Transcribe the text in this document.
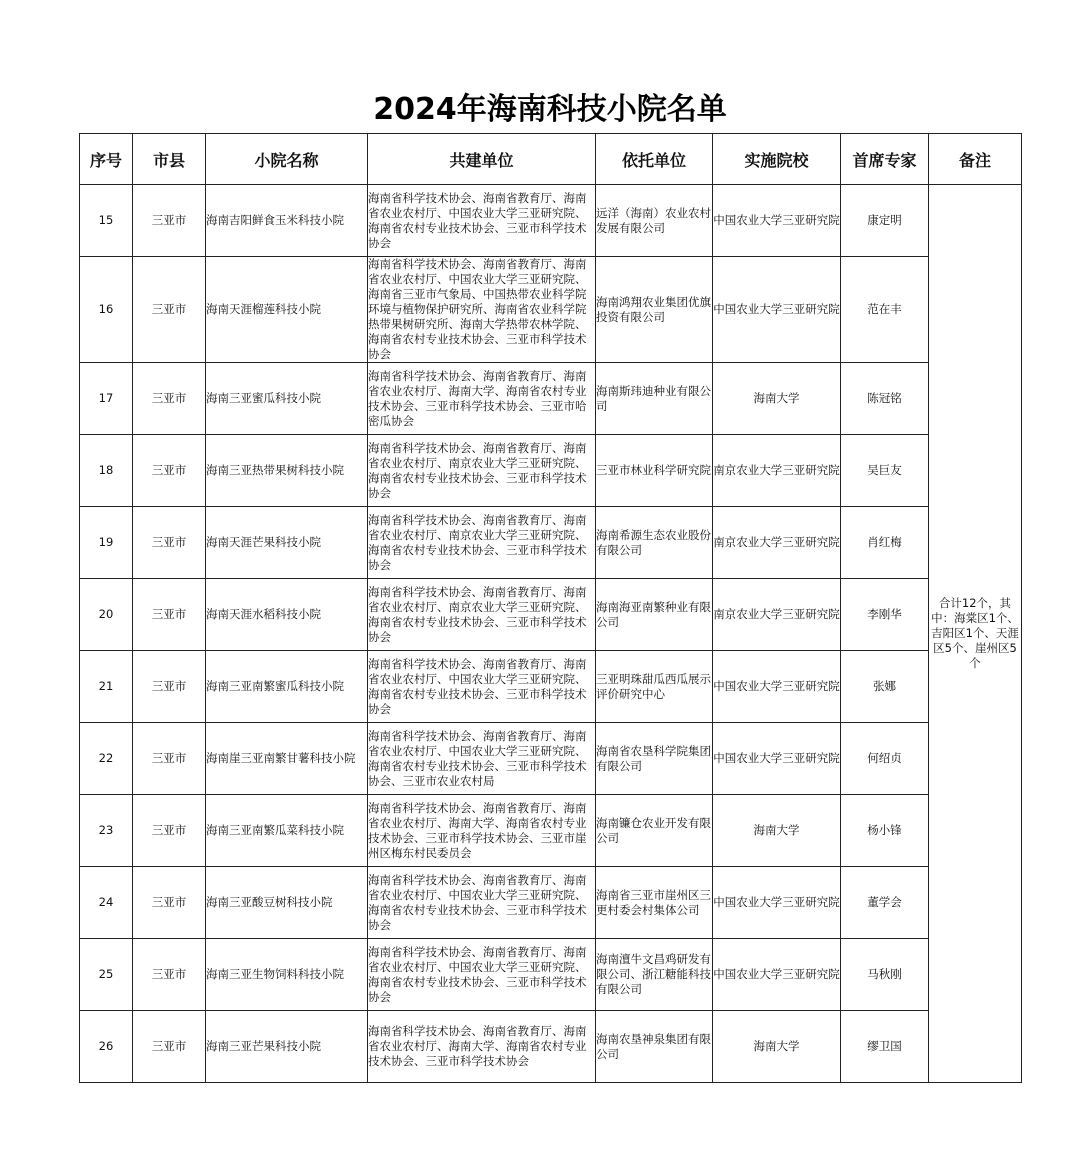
2024年海南科技小院名单
序号	市县	小院名称	共建单位	依托单位	实施院校	首席专家	备注
15	三亚市	海南吉阳鲜食玉米科技小院	海南省科学技术协会、海南省教育厅、海南省农业农村厅、中国农业大学三亚研究院、海南省农村专业技术协会、三亚市科学技术协会	远洋（海南）农业农村发展有限公司	中国农业大学三亚研究院	康定明	合计12个，其中：海棠区1个、吉阳区1个、天涯区5个、崖州区5个
16	三亚市	海南天涯榴莲科技小院	海南省科学技术协会、海南省教育厅、海南省农业农村厅、中国农业大学三亚研究院、海南省三亚市气象局、中国热带农业科学院环境与植物保护研究所、海南省农业科学院热带果树研究所、海南大学热带农林学院、海南省农村专业技术协会、三亚市科学技术协会	海南鸿翔农业集团优旗投资有限公司	中国农业大学三亚研究院	范在丰	
17	三亚市	海南三亚蜜瓜科技小院	海南省科学技术协会、海南省教育厅、海南省农业农村厅、海南大学、海南省农村专业技术协会、三亚市科学技术协会、三亚市哈密瓜协会	海南斯玮迪种业有限公司	海南大学	陈冠铭	
18	三亚市	海南三亚热带果树科技小院	海南省科学技术协会、海南省教育厅、海南省农业农村厅、南京农业大学三亚研究院、海南省农村专业技术协会、三亚市科学技术协会	三亚市林业科学研究院	南京农业大学三亚研究院	吴巨友	
19	三亚市	海南天涯芒果科技小院	海南省科学技术协会、海南省教育厅、海南省农业农村厅、南京农业大学三亚研究院、海南省农村专业技术协会、三亚市科学技术协会	海南希源生态农业股份有限公司	南京农业大学三亚研究院	肖红梅	
20	三亚市	海南天涯水稻科技小院	海南省科学技术协会、海南省教育厅、海南省农业农村厅、南京农业大学三亚研究院、海南省农村专业技术协会、三亚市科学技术协会	海南海亚南繁种业有限公司	南京农业大学三亚研究院	李刚华	
21	三亚市	海南三亚南繁蜜瓜科技小院	海南省科学技术协会、海南省教育厅、海南省农业农村厅、中国农业大学三亚研究院、海南省农村专业技术协会、三亚市科学技术协会	三亚明珠甜瓜西瓜展示评价研究中心	中国农业大学三亚研究院	张娜	
22	三亚市	海南崖三亚南繁甘薯科技小院	海南省科学技术协会、海南省教育厅、海南省农业农村厅、中国农业大学三亚研究院、海南省农村专业技术协会、三亚市科学技术协会、三亚市农业农村局	海南省农垦科学院集团有限公司	中国农业大学三亚研究院	何绍贞	
23	三亚市	海南三亚南繁瓜菜科技小院	海南省科学技术协会、海南省教育厅、海南省农业农村厅、海南大学、海南省农村专业技术协会、三亚市科学技术协会、三亚市崖州区梅东村民委员会	海南镰仓农业开发有限公司	海南大学	杨小锋	
24	三亚市	海南三亚酸豆树科技小院	海南省科学技术协会、海南省教育厅、海南省农业农村厅、中国农业大学三亚研究院、海南省农村专业技术协会、三亚市科学技术协会	海南省三亚市崖州区三更村委会村集体公司	中国农业大学三亚研究院	董学会	
25	三亚市	海南三亚生物饲料科技小院	海南省科学技术协会、海南省教育厅、海南省农业农村厅、中国农业大学三亚研究院、海南省农村专业技术协会、三亚市科学技术协会	海南澶牛文昌鸡研发有限公司、浙江糖能科技有限公司	中国农业大学三亚研究院	马秋刚	
26	三亚市	海南三亚芒果科技小院	海南省科学技术协会、海南省教育厅、海南省农业农村厅、海南大学、海南省农村专业技术协会、三亚市科学技术协会	海南农垦神泉集团有限公司	海南大学	缪卫国	
